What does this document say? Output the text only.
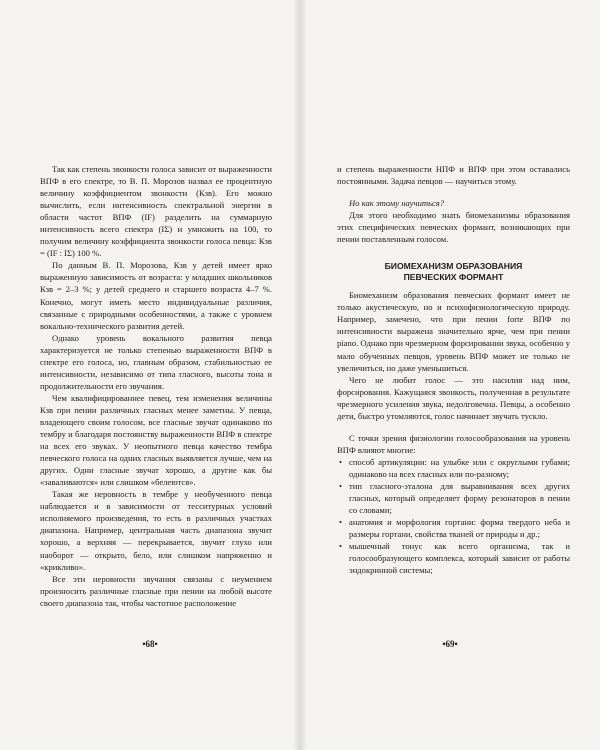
Так как степень звонкости голоса зависит от выраженности ВПФ в его спектре, то В. П. Морозов назвал ее процентную величину коэффициентом звонкости (Кзв). Его можно вычислить, если интенсивность спектральной энергии в области частот ВПФ (IF) разделить на суммарную интенсивность всего спектра (IΣ) и умножить на 100, то получим величину коэффициента звонкости голоса певца: Кзв = (IF : IΣ) 100 %.

По данным В. П. Морозова, Кзв у детей имеет ярко выраженную зависимость от возраста: у младших школьников Кзв = 2–3 %; у детей среднего и старшего возраста 4–7 %. Конечно, могут иметь место индивидуальные различия, связанные с природными особенностями, а также с уровнем вокально-технического развития детей.

Однако уровень вокального развития певца характеризуется не только степенью выраженности ВПФ в спектре его голоса, но, главным образом, стабильностью ее интенсивности, независимо от типа гласного, высоты тона и продолжительности его звучания.

Чем квалифицированнее певец, тем изменения величины Кзв при пении различных гласных менее заметны. У певца, владеющего своим голосом, все гласные звучат одинаково по тембру и благодаря постоянству выраженности ВПФ в спектре на всех его звуках. У неопытного певца качество тембра певческого голоса на одних гласных выявляется лучше, чем на других. Одни гласные звучат хорошо, а другие как бы «заваливаются» или слишком «белеются».

Такая же неровность в тембре у необученного певца наблюдается и в зависимости от тесситурных условий исполняемого произведения, то есть в различных участках диапазона. Например, центральная часть диапазона звучит хорошо, а верхняя — перекрывается, звучит глухо или наоборот — открыто, бело, или слишком напряженно и «крикливо».

Все эти неровности звучания связаны с неумением произносить различные гласные при пении на любой высоте своего диапазона так, чтобы частотное расположение

•68•

и степень выраженности НПФ и ВПФ при этом оставались постоянными. Задача певцов — научиться этому.

Но как этому научиться?

Для этого необходимо знать биомеханизмы образования этих специфических певческих формант, возникающих при пении поставленным голосом.

БИОМЕХАНИЗМ ОБРАЗОВАНИЯ
ПЕВЧЕСКИХ ФОРМАНТ

Биомеханизм образования певческих формант имеет не только акустическую, но и психофизиологическую природу. Например, замечено, что при пении forte ВПФ по интенсивности выражена значительно ярче, чем при пении piano. Однако при чрезмерном форсировании звука, особенно у мало обученных певцов, уровень ВПФ может не только не увеличиться, но даже уменьшиться.

Чего не любит голос — это насилия над ним, форсирования. Кажущаяся звонкость, полученная в результате чрезмерного усиления звука, недолговечна. Певцы, а особенно дети, быстро утомляются, голос начинает звучать тускло.

С точки зрения физиологии голосообразования на уровень ВПФ влияют многие:

• способ артикуляции: на улыбке или с округлыми губами; одинаково на всех гласных или по-разному;
• тип гласного-эталона для выравнивания всех других гласных, который определяет форму резонаторов в пении со словами;
• анатомия и морфология гортани: форма твердого неба и размеры гортани, свойства тканей от природы и др.;
• мышечный тонус как всего организма, так и голосообразующего комплекса, который зависит от работы эндокринной системы;
•69•
